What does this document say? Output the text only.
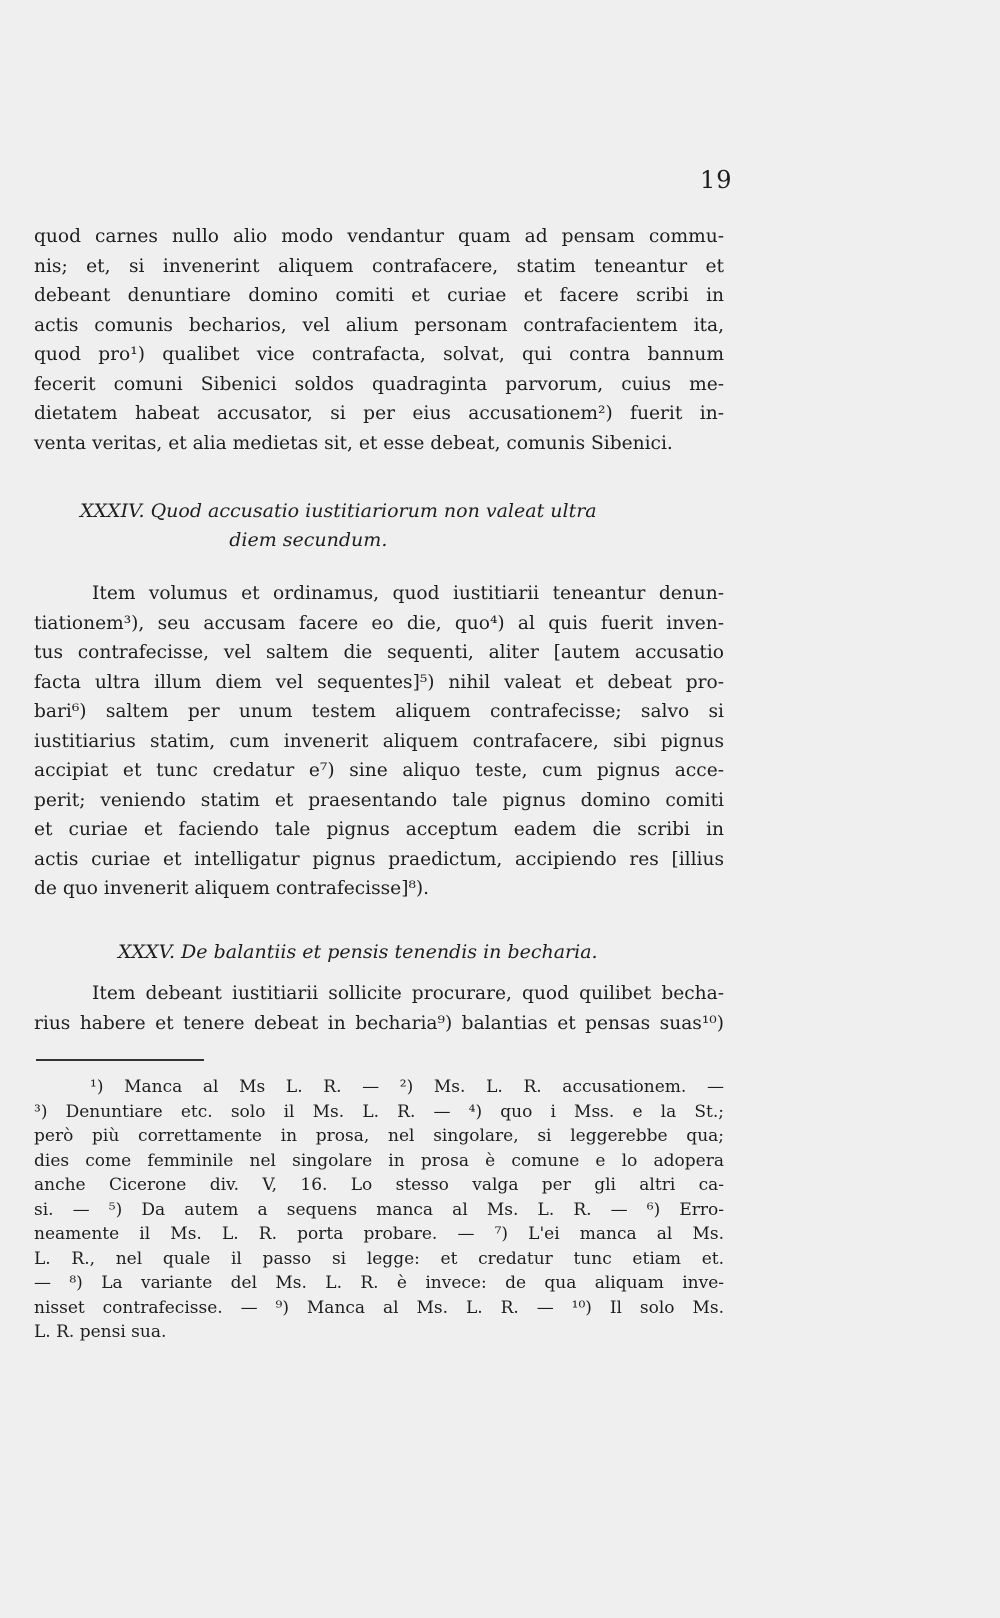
19
quod carnes nullo alio modo vendantur quam ad pensam commu-
nis; et, si invenerint aliquem contrafacere, statim teneantur et
debeant denuntiare domino comiti et curiae et facere scribi in
actis comunis becharios, vel alium personam contrafacientem ita,
quod pro¹) qualibet vice contrafacta, solvat, qui contra bannum
fecerit comuni Sibenici soldos quadraginta parvorum, cuius me-
dietatem habeat accusator, si per eius accusationem²) fuerit in-
venta veritas, et alia medietas sit, et esse debeat, comunis Sibenici.
XXXIV. Quod accusatio iustitiariorum non valeat ultra
diem secundum.
Item volumus et ordinamus, quod iustitiarii teneantur denun-
tiationem³), seu accusam facere eo die, quo⁴) al quis fuerit inven-
tus contrafecisse, vel saltem die sequenti, aliter [autem accusatio
facta ultra illum diem vel sequentes]⁵) nihil valeat et debeat pro-
bari⁶) saltem per unum testem aliquem contrafecisse; salvo si
iustitiarius statim, cum invenerit aliquem contrafacere, sibi pignus
accipiat et tunc credatur e⁷) sine aliquo teste, cum pignus acce-
perit; veniendo statim et praesentando tale pignus domino comiti
et curiae et faciendo tale pignus acceptum eadem die scribi in
actis curiae et intelligatur pignus praedictum, accipiendo res [illius
de quo invenerit aliquem contrafecisse]⁸).
XXXV. De balantiis et pensis tenendis in becharia.
Item debeant iustitiarii sollicite procurare, quod quilibet becha-
rius habere et tenere debeat in becharia⁹) balantias et pensas suas¹⁰)
¹) Manca al Ms L. R. — ²) Ms. L. R. accusationem. —
³) Denuntiare etc. solo il Ms. L. R. — ⁴) quo i Mss. e la St.;
però più correttamente in prosa, nel singolare, si leggerebbe qua;
dies come femminile nel singolare in prosa è comune e lo adopera
anche Cicerone div. V, 16. Lo stesso valga per gli altri ca-
si. — ⁵) Da autem a sequens manca al Ms. L. R. — ⁶) Erro-
neamente il Ms. L. R. porta probare. — ⁷) L'ei manca al Ms.
L. R., nel quale il passo si legge: et credatur tunc etiam et.
— ⁸) La variante del Ms. L. R. è invece: de qua aliquam inve-
nisset contrafecisse. — ⁹) Manca al Ms. L. R. — ¹⁰) Il solo Ms.
L. R. pensi sua.
